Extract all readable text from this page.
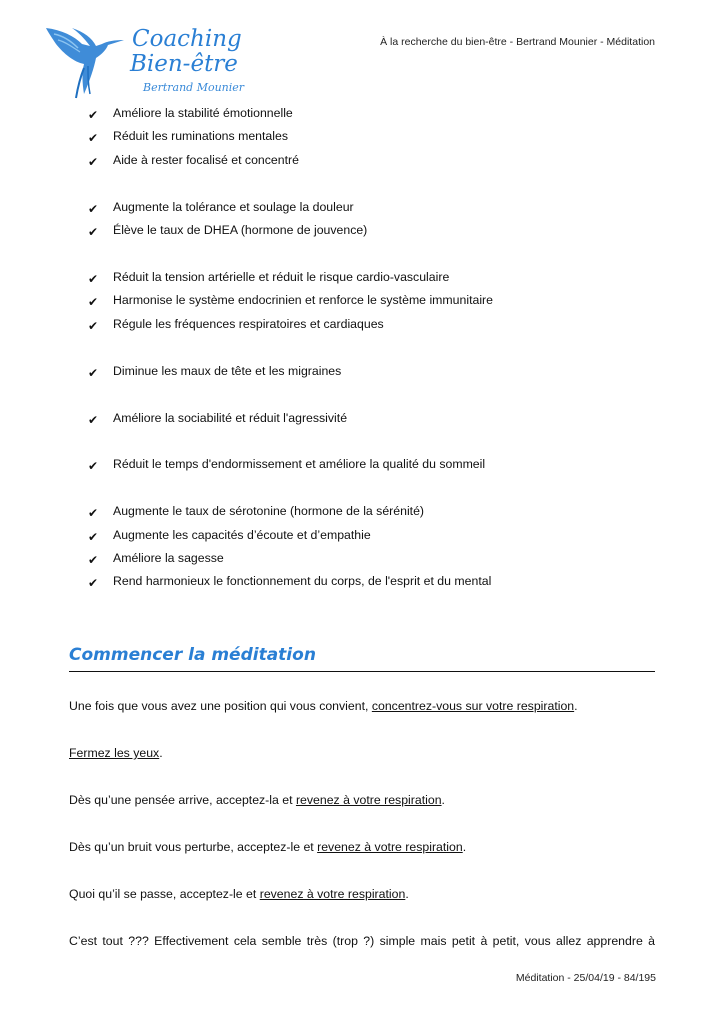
Coaching
Bien-être
Bertrand Mounier
À la recherche du bien-être - Bertrand Mounier - Méditation
✔	Améliore la stabilité émotionnelle
✔	Réduit les ruminations mentales
✔	Aide à rester focalisé et concentré
✔	Augmente la tolérance et soulage la douleur
✔	Élève le taux de DHEA (hormone de jouvence)
✔	Réduit la tension artérielle et réduit le risque cardio-vasculaire
✔	Harmonise le système endocrinien et renforce le système immunitaire
✔	Régule les fréquences respiratoires et cardiaques
✔	Diminue les maux de tête et les migraines
✔	Améliore la sociabilité et réduit l'agressivité
✔	Réduit le temps d'endormissement et améliore la qualité du sommeil
✔	Augmente le taux de sérotonine (hormone de la sérénité)
✔	Augmente les capacités d’écoute et d’empathie
✔	Améliore la sagesse
✔	Rend harmonieux le fonctionnement du corps, de l'esprit et du mental
Commencer la méditation
Une fois que vous avez une position qui vous convient, concentrez-vous sur votre respiration.
Fermez les yeux.
Dès qu’une pensée arrive, acceptez-la et revenez à votre respiration.
Dès qu’un bruit vous perturbe, acceptez-le et revenez à votre respiration.
Quoi qu’il se passe, acceptez-le et revenez à votre respiration.
C’est tout ??? Effectivement cela semble très (trop ?) simple mais petit à petit, vous allez apprendre à
Méditation - 25/04/19 - 84/195
